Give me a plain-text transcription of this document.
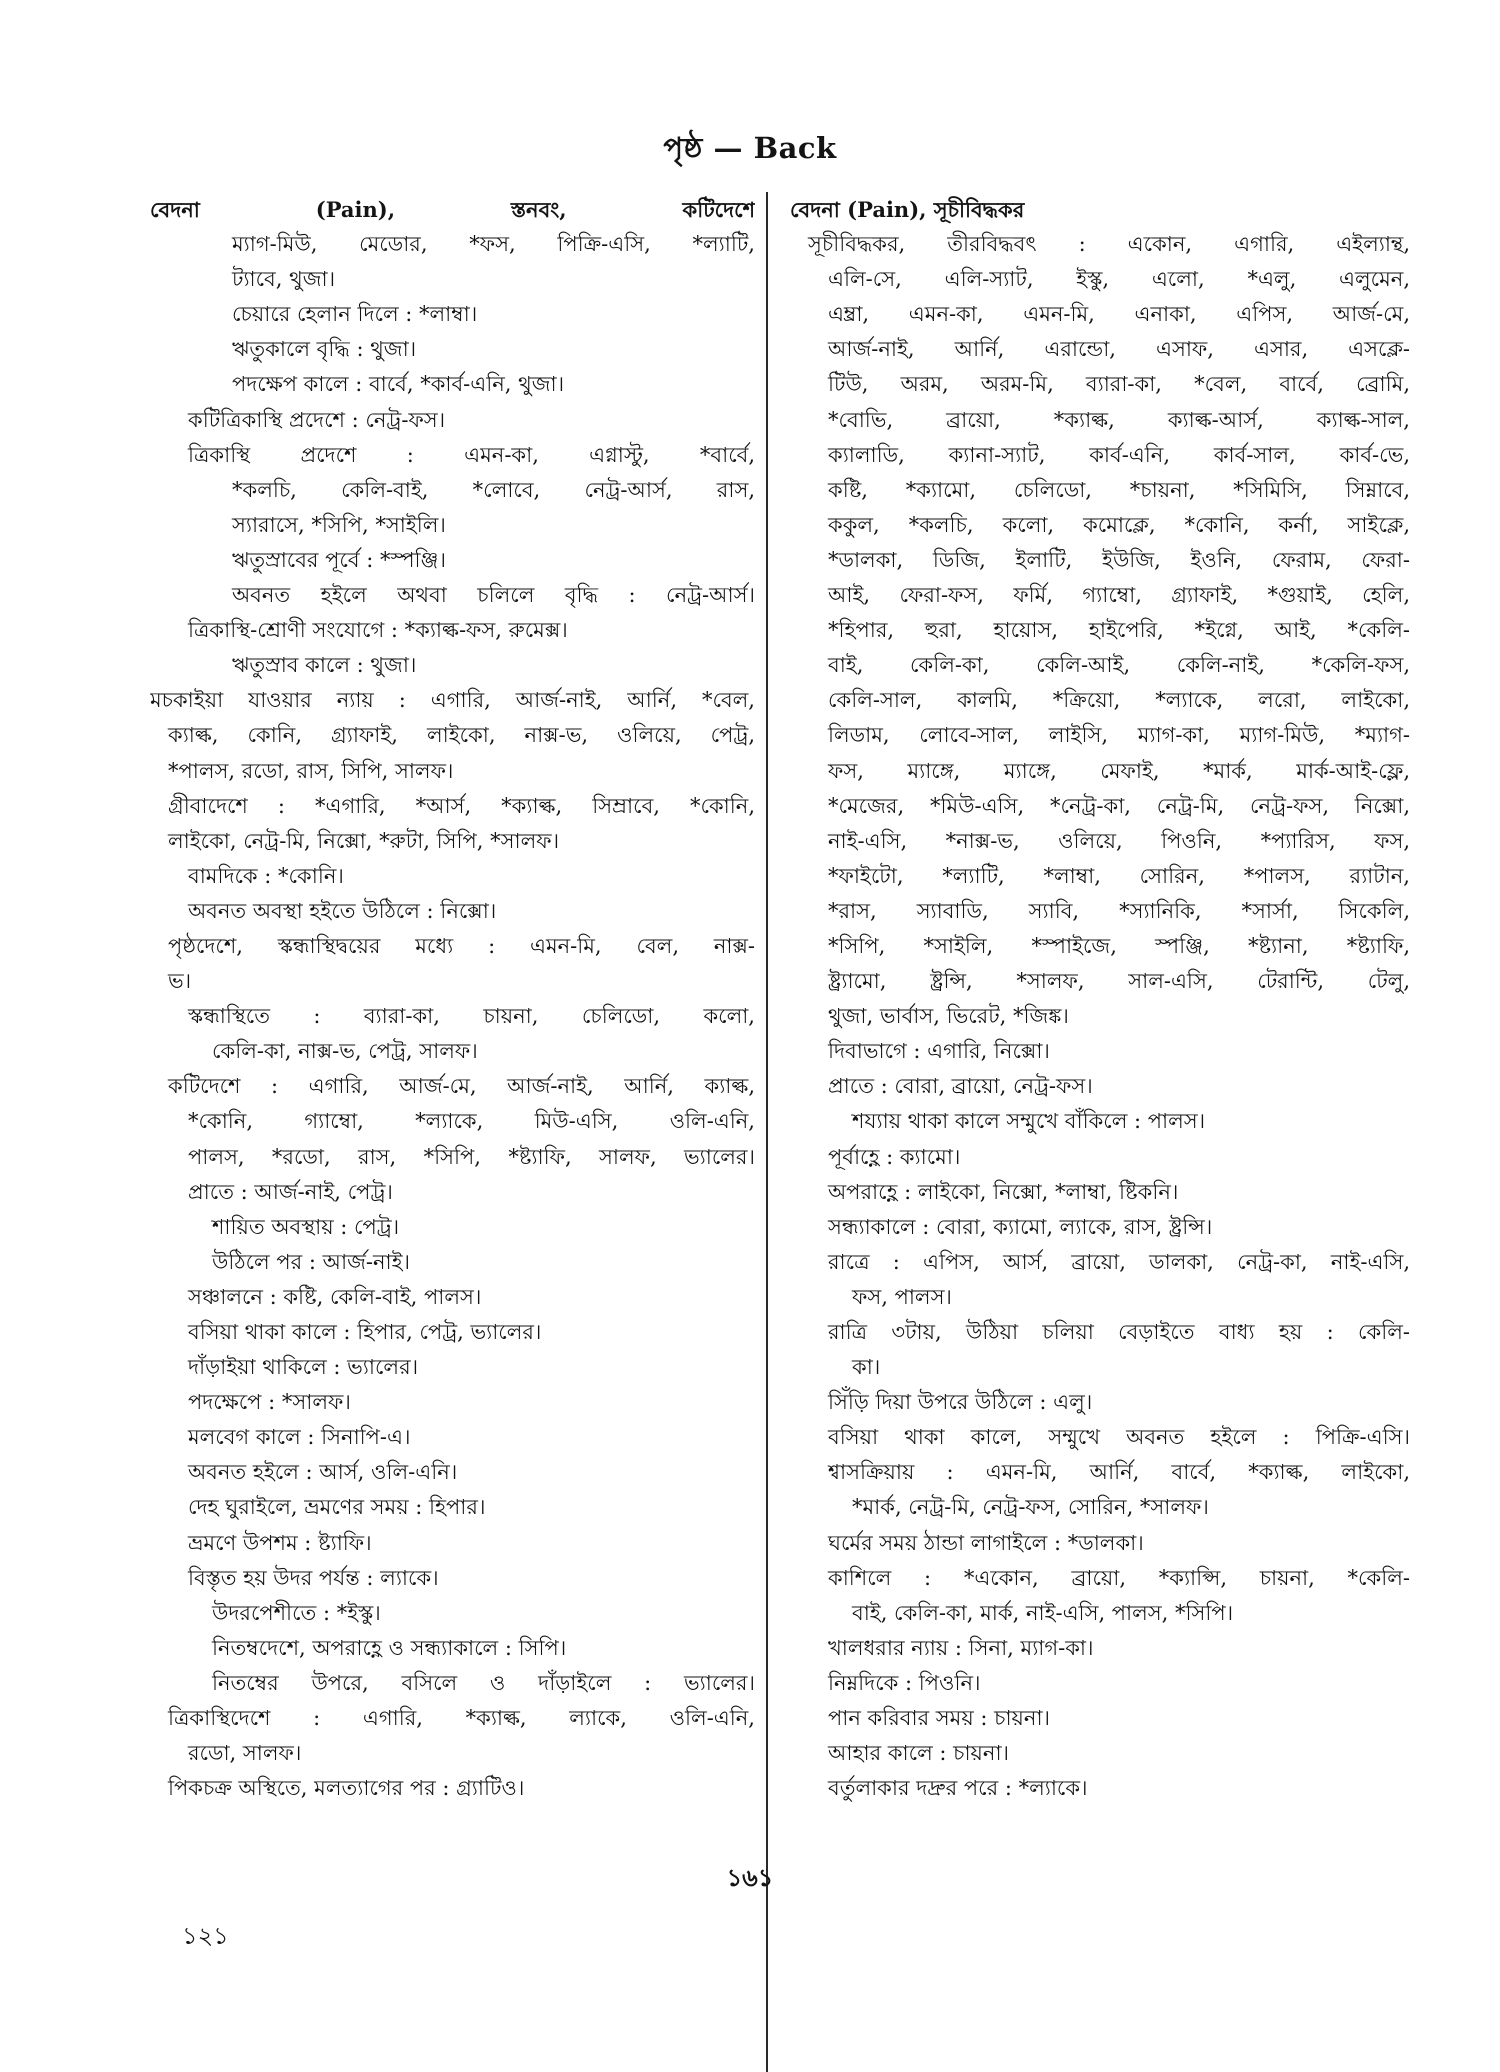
পৃষ্ঠ — Back
বেদনা (Pain), স্তনবং, কটিদেশে
ম্যাগ-মিউ, মেডোর, *ফস, পিক্রি-এসি, *ল্যাটি,
ট্যাবে, থুজা।
চেয়ারে হেলান দিলে : *লাম্বা।
ঋতুকালে বৃদ্ধি : থুজা।
পদক্ষেপ কালে : বার্বে, *কার্ব-এনি, থুজা।
কটিত্রিকাস্থি প্রদেশে : নেট্র-ফস।
ত্রিকাস্থি প্রদেশে : এমন-কা, এগ্নাস্টু, *বার্বে,
*কলচি, কেলি-বাই, *লোবে, নেট্র-আর্স, রাস,
স্যারাসে, *সিপি, *সাইলি।
ঋতুস্রাবের পূর্বে : *স্পঞ্জি।
অবনত হইলে অথবা চলিলে বৃদ্ধি : নেট্র-আর্স।
ত্রিকাস্থি-শ্রোণী সংযোগে : *ক্যাল্ক-ফস, রুমেক্স।
ঋতুস্রাব কালে : থুজা।
মচকাইয়া যাওয়ার ন্যায় : এগারি, আর্জ-নাই, আর্নি, *বেল,
ক্যাল্ক, কোনি, গ্র্যাফাই, লাইকো, নাক্স-ভ, ওলিয়ে, পেট্র,
*পালস, রডো, রাস, সিপি, সালফ।
গ্রীবাদেশে : *এগারি, *আর্স, *ক্যাল্ক, সিম্রাবে, *কোনি,
লাইকো, নেট্র-মি, নিক্সো, *রুটা, সিপি, *সালফ।
বামদিকে : *কোনি।
অবনত অবস্থা হইতে উঠিলে : নিক্সো।
পৃষ্ঠদেশে, স্কন্ধাস্থিদ্বয়ের মধ্যে : এমন-মি, বেল, নাক্স-
ভ।
স্কন্ধাস্থিতে : ব্যারা-কা, চায়না, চেলিডো, কলো,
কেলি-কা, নাক্স-ভ, পেট্র, সালফ।
কটিদেশে : এগারি, আর্জ-মে, আর্জ-নাই, আর্নি, ক্যাল্ক,
*কোনি, গ্যাম্বো, *ল্যাকে, মিউ-এসি, ওলি-এনি,
পালস, *রডো, রাস, *সিপি, *ষ্ট্যাফি, সালফ, ভ্যালের।
প্রাতে : আর্জ-নাই, পেট্র।
শায়িত অবস্থায় : পেট্র।
উঠিলে পর : আর্জ-নাই।
সঞ্চালনে : কষ্টি, কেলি-বাই, পালস।
বসিয়া থাকা কালে : হিপার, পেট্র, ভ্যালের।
দাঁড়াইয়া থাকিলে : ভ্যালের।
পদক্ষেপে : *সালফ।
মলবেগ কালে : সিনাপি-এ।
অবনত হইলে : আর্স, ওলি-এনি।
দেহ ঘুরাইলে, ভ্রমণের সময় : হিপার।
ভ্রমণে উপশম : ষ্ট্যাফি।
বিস্তৃত হয় উদর পর্যন্ত : ল্যাকে।
উদরপেশীতে : *ইস্কু।
নিতম্বদেশে, অপরাহ্ণে ও সন্ধ্যাকালে : সিপি।
নিতম্বের উপরে, বসিলে ও দাঁড়াইলে : ভ্যালের।
ত্রিকাস্থিদেশে : এগারি, *ক্যাল্ক, ল্যাকে, ওলি-এনি,
রডো, সালফ।
পিকচক্র অস্থিতে, মলত্যাগের পর : গ্র্যাটিও।
বেদনা (Pain), সূচীবিদ্ধকর
সূচীবিদ্ধকর, তীরবিদ্ধবৎ : একোন, এগারি, এইল্যান্থ,
এলি-সে, এলি-স্যাট, ইস্কু, এলো, *এলু, এলুমেন,
এম্ব্রা, এমন-কা, এমন-মি, এনাকা, এপিস, আর্জ-মে,
আর্জ-নাই, আর্নি, এরান্ডো, এসাফ, এসার, এসক্লে-
টিউ, অরম, অরম-মি, ব্যারা-কা, *বেল, বার্বে, ব্রোমি,
*বোভি, ব্রায়ো, *ক্যাল্ক, ক্যাল্ক-আর্স, ক্যাল্ক-সাল,
ক্যালাডি, ক্যানা-স্যাট, কার্ব-এনি, কার্ব-সাল, কার্ব-ভে,
কষ্টি, *ক্যামো, চেলিডো, *চায়না, *সিমিসি, সিম্নাবে,
ককুল, *কলচি, কলো, কমোক্লে, *কোনি, কর্না, সাইক্লে,
*ডালকা, ডিজি, ইলাটি, ইউজি, ইওনি, ফেরাম, ফেরা-
আই, ফেরা-ফস, ফর্মি, গ্যাম্বো, গ্র্যাফাই, *গুয়াই, হেলি,
*হিপার, হুরা, হায়োস, হাইপেরি, *ইগ্নে, আই, *কেলি-
বাই, কেলি-কা, কেলি-আই, কেলি-নাই, *কেলি-ফস,
কেলি-সাল, কালমি, *ক্রিয়ো, *ল্যাকে, লরো, লাইকো,
লিডাম, লোবে-সাল, লাইসি, ম্যাগ-কা, ম্যাগ-মিউ, *ম্যাগ-
ফস, ম্যাঙ্গে, ম্যাঙ্গে, মেফাই, *মার্ক, মার্ক-আই-ফ্লে,
*মেজের, *মিউ-এসি, *নেট্র-কা, নেট্র-মি, নেট্র-ফস, নিক্সো,
নাই-এসি, *নাক্স-ভ, ওলিয়ে, পিওনি, *প্যারিস, ফস,
*ফাইটো, *ল্যাটি, *লাম্বা, সোরিন, *পালস, র‍্যাটান,
*রাস, স্যাবাডি, স্যাবি, *স্যানিকি, *সার্সা, সিকেলি,
*সিপি, *সাইলি, *স্পাইজে, স্পঞ্জি, *ষ্ট্যানা, *ষ্ট্যাফি,
ষ্ট্র্যামো, ষ্ট্রন্সি, *সালফ, সাল-এসি, টেরান্টি, টেলু,
থুজা, ভার্বাস, ভিরেট, *জিঙ্ক।
দিবাভাগে : এগারি, নিক্সো।
প্রাতে : বোরা, ব্রায়ো, নেট্র-ফস।
শয্যায় থাকা কালে সম্মুখে বাঁকিলে : পালস।
পূর্বাহ্ণে : ক্যামো।
অপরাহ্ণে : লাইকো, নিক্সো, *লাম্বা, ষ্টিকনি।
সন্ধ্যাকালে : বোরা, ক্যামো, ল্যাকে, রাস, ষ্ট্রন্সি।
রাত্রে : এপিস, আর্স, ব্রায়ো, ডালকা, নেট্র-কা, নাই-এসি,
ফস, পালস।
রাত্রি ৩টায়, উঠিয়া চলিয়া বেড়াইতে বাধ্য হয় : কেলি-
কা।
সিঁড়ি দিয়া উপরে উঠিলে : এলু।
বসিয়া থাকা কালে, সম্মুখে অবনত হইলে : পিক্রি-এসি।
শ্বাসক্রিয়ায় : এমন-মি, আর্নি, বার্বে, *ক্যাল্ক, লাইকো,
*মার্ক, নেট্র-মি, নেট্র-ফস, সোরিন, *সালফ।
ঘর্মের সময় ঠান্ডা লাগাইলে : *ডালকা।
কাশিলে : *একোন, ব্রায়ো, *ক্যাপ্সি, চায়না, *কেলি-
বাই, কেলি-কা, মার্ক, নাই-এসি, পালস, *সিপি।
খালধরার ন্যায় : সিনা, ম্যাগ-কা।
নিম্নদিকে : পিওনি।
পান করিবার সময় : চায়না।
আহার কালে : চায়না।
বর্তুলাকার দদ্রুর পরে : *ল্যাকে।
১৬১
১২১
